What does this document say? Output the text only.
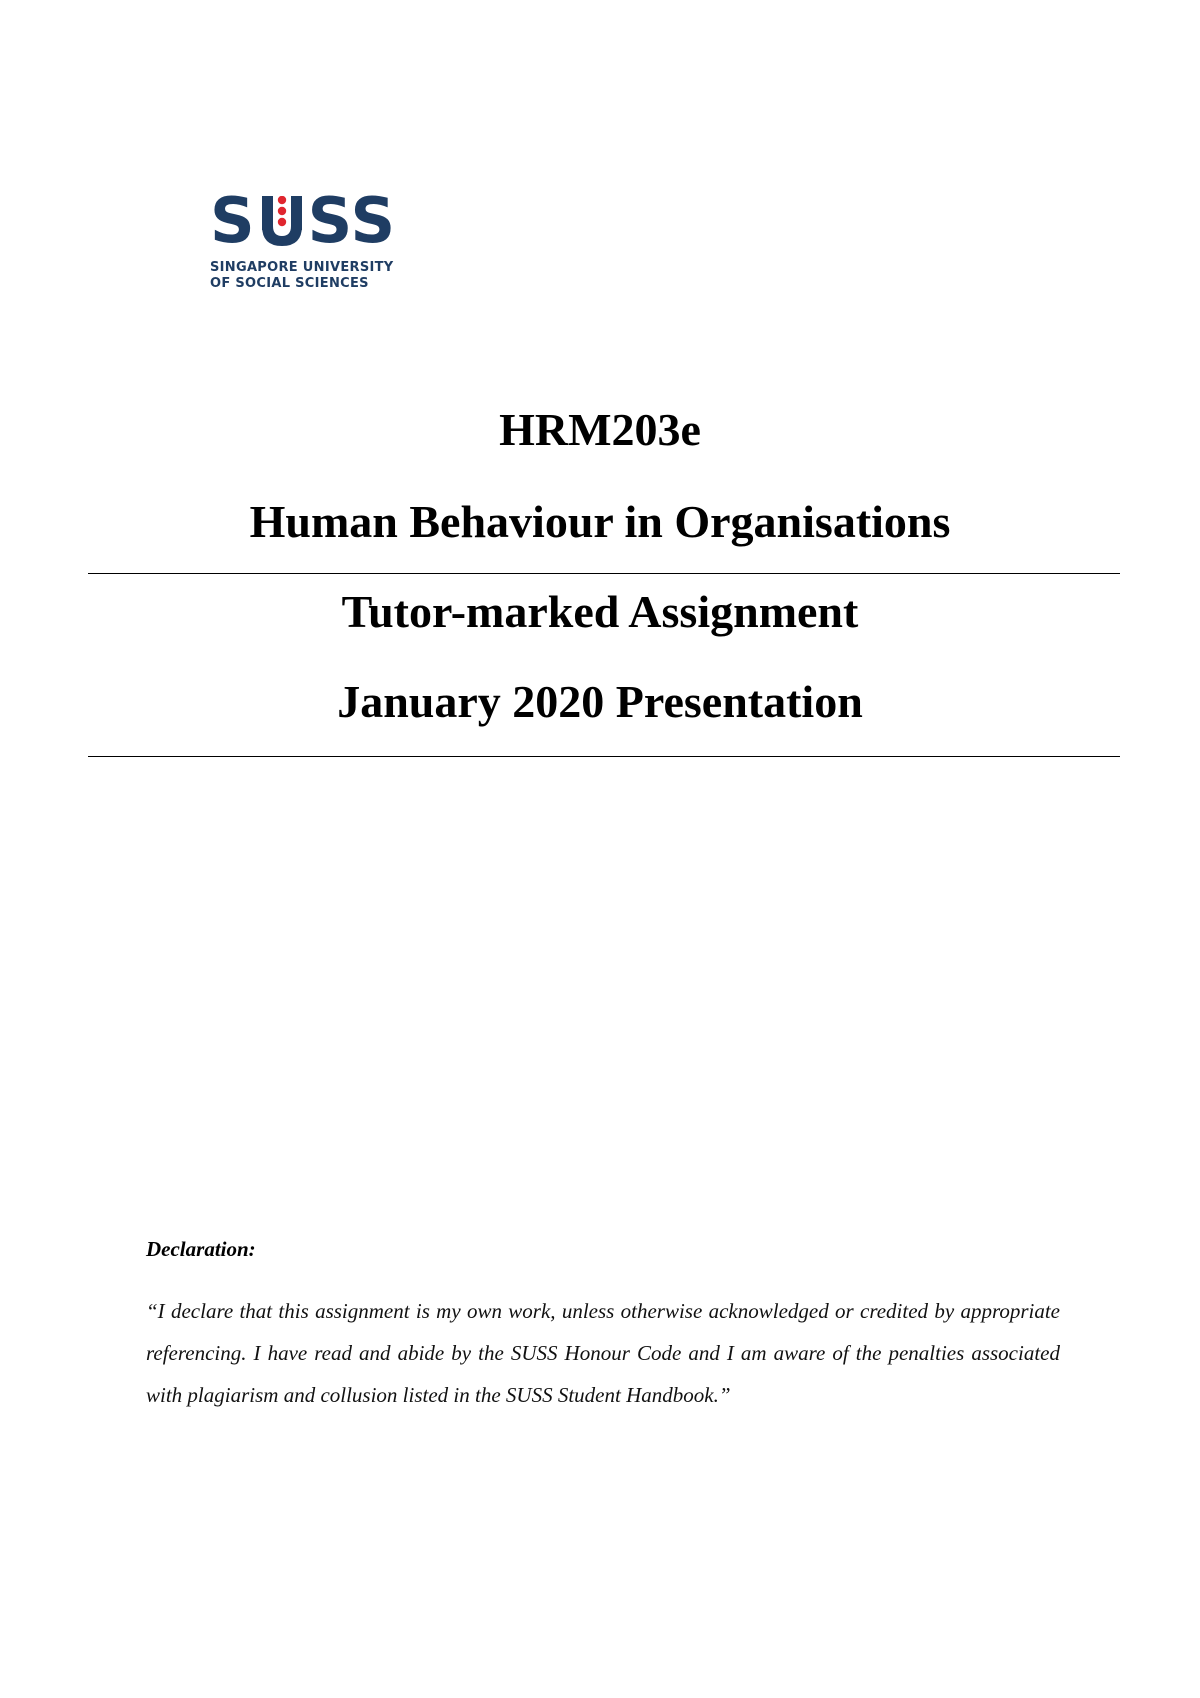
S SS
SINGAPORE UNIVERSITY
OF SOCIAL SCIENCES
HRM203e
Human Behaviour in Organisations
Tutor-marked Assignment
January 2020 Presentation
Declaration:
“I declare that this assignment is my own work, unless otherwise acknowledged or credited by appropriate referencing. I have read and abide by the SUSS Honour Code and I am aware of the penalties associated with plagiarism and collusion listed in the SUSS Student Handbook.”
